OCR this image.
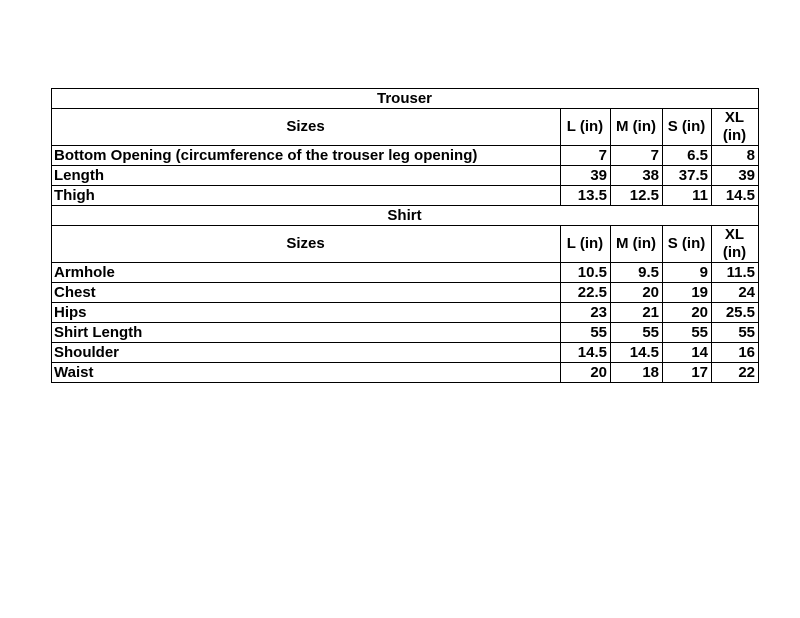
Trouser				
Sizes	L (in)	M (in)	S (in)	XL
(in)

Bottom Opening (circumference of the trouser leg opening)	7	7	6.5	8
Length	39	38	37.5	39
Thigh	13.5	12.5	11	14.5
Shirt				
Sizes	L (in)	M (in)	S (in)	XL
(in)

Armhole	10.5	9.5	9	11.5
Chest	22.5	20	19	24
Hips	23	21	20	25.5
Shirt Length	55	55	55	55
Shoulder	14.5	14.5	14	16
Waist	20	18	17	22
